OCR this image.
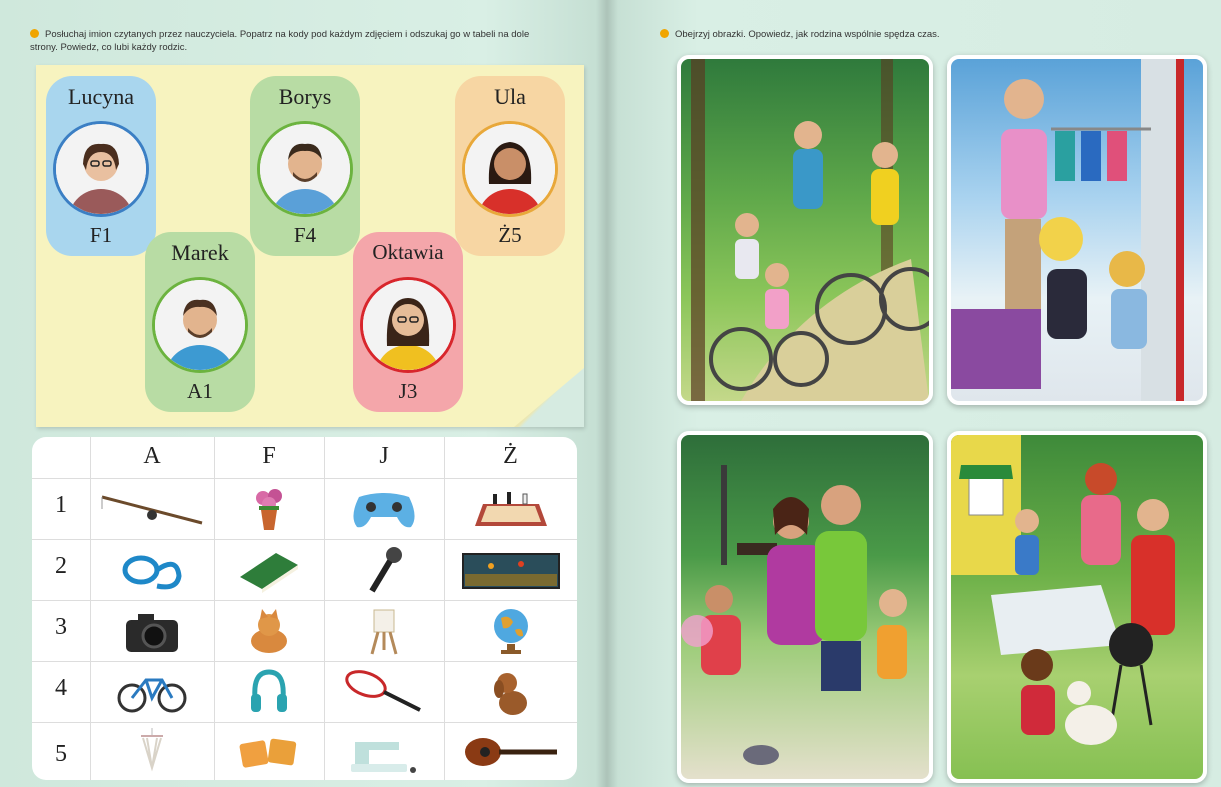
Posłuchaj imion czytanych przez nauczyciela. Popatrz na kody pod każdym zdjęciem i odszukaj go w tabeli na dole strony. Powiedz, co lubi każdy rodzic.
Obejrzyj obrazki. Opowiedz, jak rodzina wspólnie spędza czas.
Lucyna
F1
Borys
F4
Ula
Ż5
Marek
A1
Oktawia
J3
A	F	J	Ż
1
2
3
4
5
